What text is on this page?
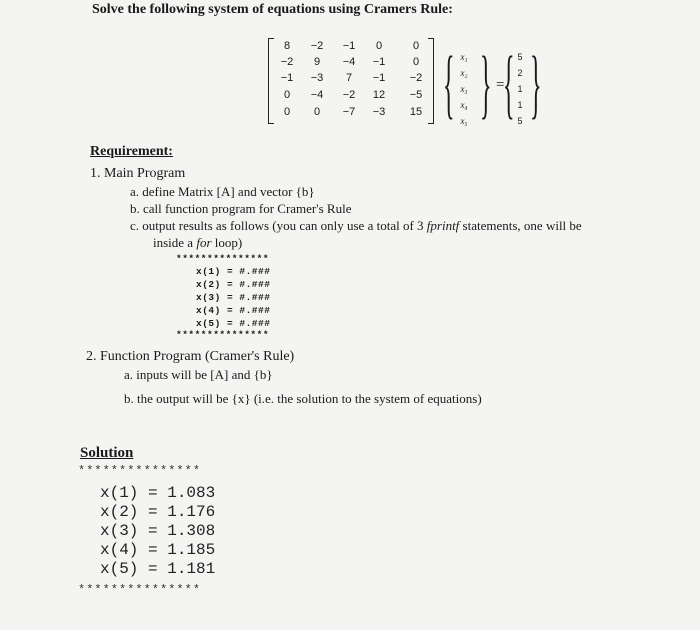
Solve the following system of equations using Cramers Rule:
8	−2	−1	0	0
−2	9	−4	−1	0
−1	−3	7	−1	−2
0	−4	−2	12	−5
0	0	−7	−3	15 { }
x₁
x₂
x₃
x₄
x₅
=
{ }
5
2
1
1
5
Requirement:
1. Main Program
a. define Matrix [A] and vector {b}
b. call function program for Cramer's Rule
c. output results as follows (you can only use a total of 3 fprintf statements, one will be
inside a for loop)
***************
x(1) = #.###
x(2) = #.###
x(3) = #.###
x(4) = #.###
x(5) = #.###
***************
2. Function Program (Cramer's Rule)
a. inputs will be [A] and {b}
b. the output will be {x} (i.e. the solution to the system of equations)
Solution
***************
x(1) = 1.083
x(2) = 1.176
x(3) = 1.308
x(4) = 1.185
x(5) = 1.181
***************
